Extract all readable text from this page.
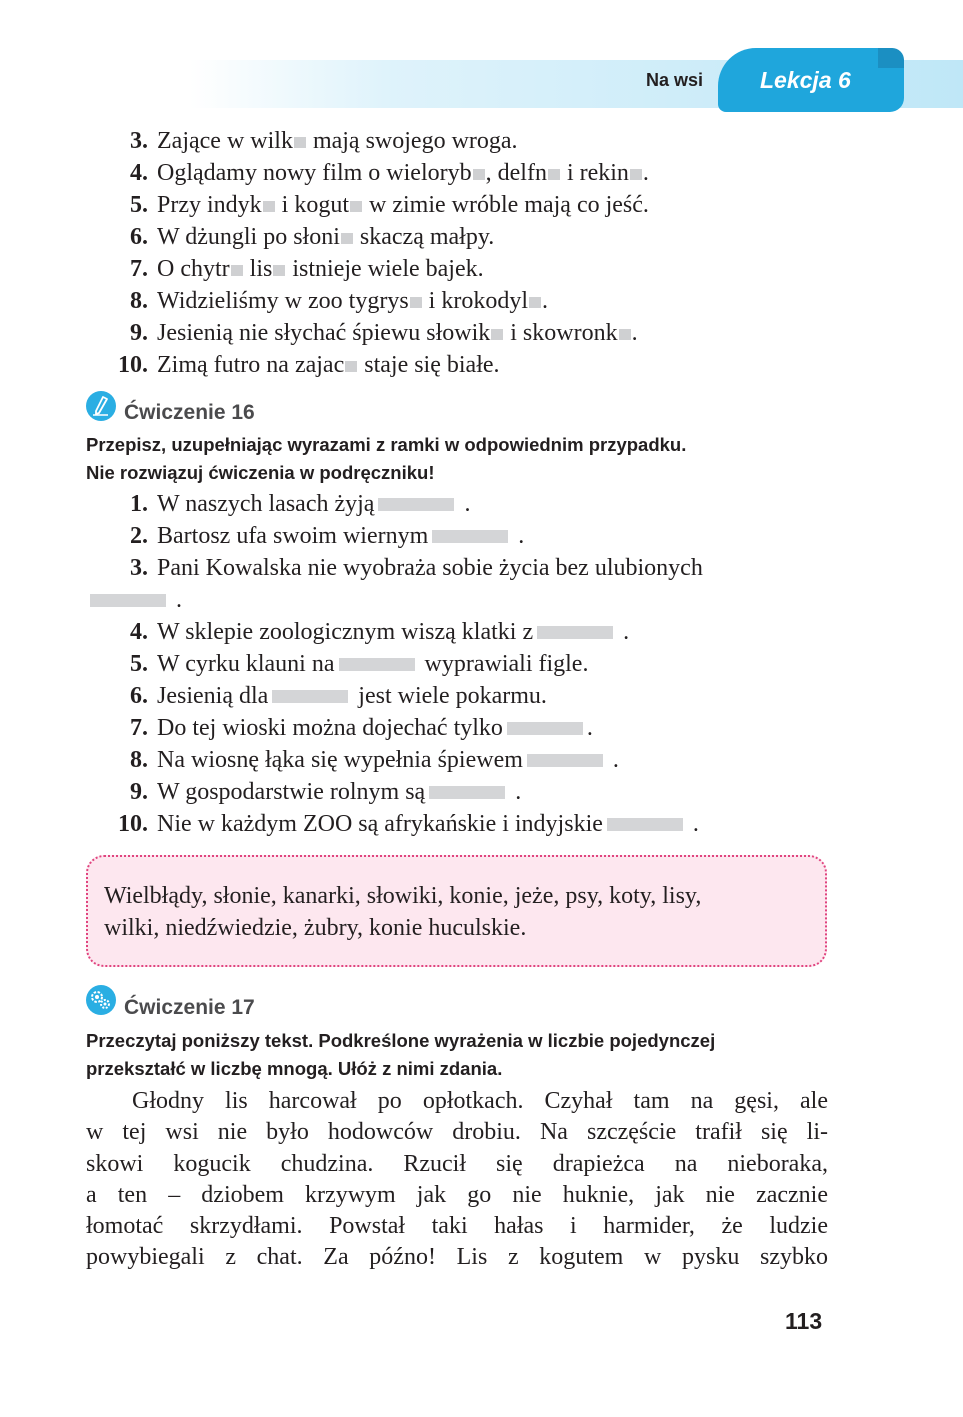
Na wsi Lekcja 6
3. Zające w wilk mają swojego wroga.
4. Oglądamy nowy film o wieloryb , delfn i rekin .
5. Przy indyk i kogut w zimie wróble mają co jeść.
6. W dżungli po słoni skaczą małpy.
7. O chytr lis istnieje wiele bajek.
8. Widzieliśmy w zoo tygrys i krokodyl .
9. Jesienią nie słychać śpiewu słowik i skowronk .
10. Zimą futro na zajac staje się białe.
Ćwiczenie 16
Przepisz, uzupełniając wyrazami z ramki w odpowiednim przypadku.
Nie rozwiązuj ćwiczenia w podręczniku!
1. W naszych lasach żyją	.
2. Bartosz ufa swoim wiernym	.
3. Pani Kowalska nie wyobraża sobie życia bez ulubionych
.
4. W sklepie zoologicznym wiszą klatki z	.
5. W cyrku klauni na	wyprawiali figle.
6. Jesienią dla	jest wiele pokarmu.
7. Do tej wioski można dojechać tylko	.
8. Na wiosnę łąka się wypełnia śpiewem	.
9. W gospodarstwie rolnym są	.
10. Nie w każdym ZOO są afrykańskie i indyjskie	.
Wielbłądy, słonie, kanarki, słowiki, konie, jeże, psy, koty, lisy,
wilki, niedźwiedzie, żubry, konie huculskie.
Ćwiczenie 17
Przeczytaj poniższy tekst. Podkreślone wyrażenia w liczbie pojedynczej
przekształć w liczbę mnogą. Ułóż z nimi zdania.
Głodny lis harcował po opłotkach. Czyhał tam na gęsi, ale
w tej wsi nie było hodowców drobiu. Na szczęście trafił się li-
skowi kogucik chudzina. Rzucił się drapieżca na nieboraka,
a ten – dziobem krzywym jak go nie huknie, jak nie zacznie
łomotać skrzydłami. Powstał taki hałas i harmider, że ludzie
powybiegali z chat. Za późno! Lis z kogutem w pysku szybko
113
